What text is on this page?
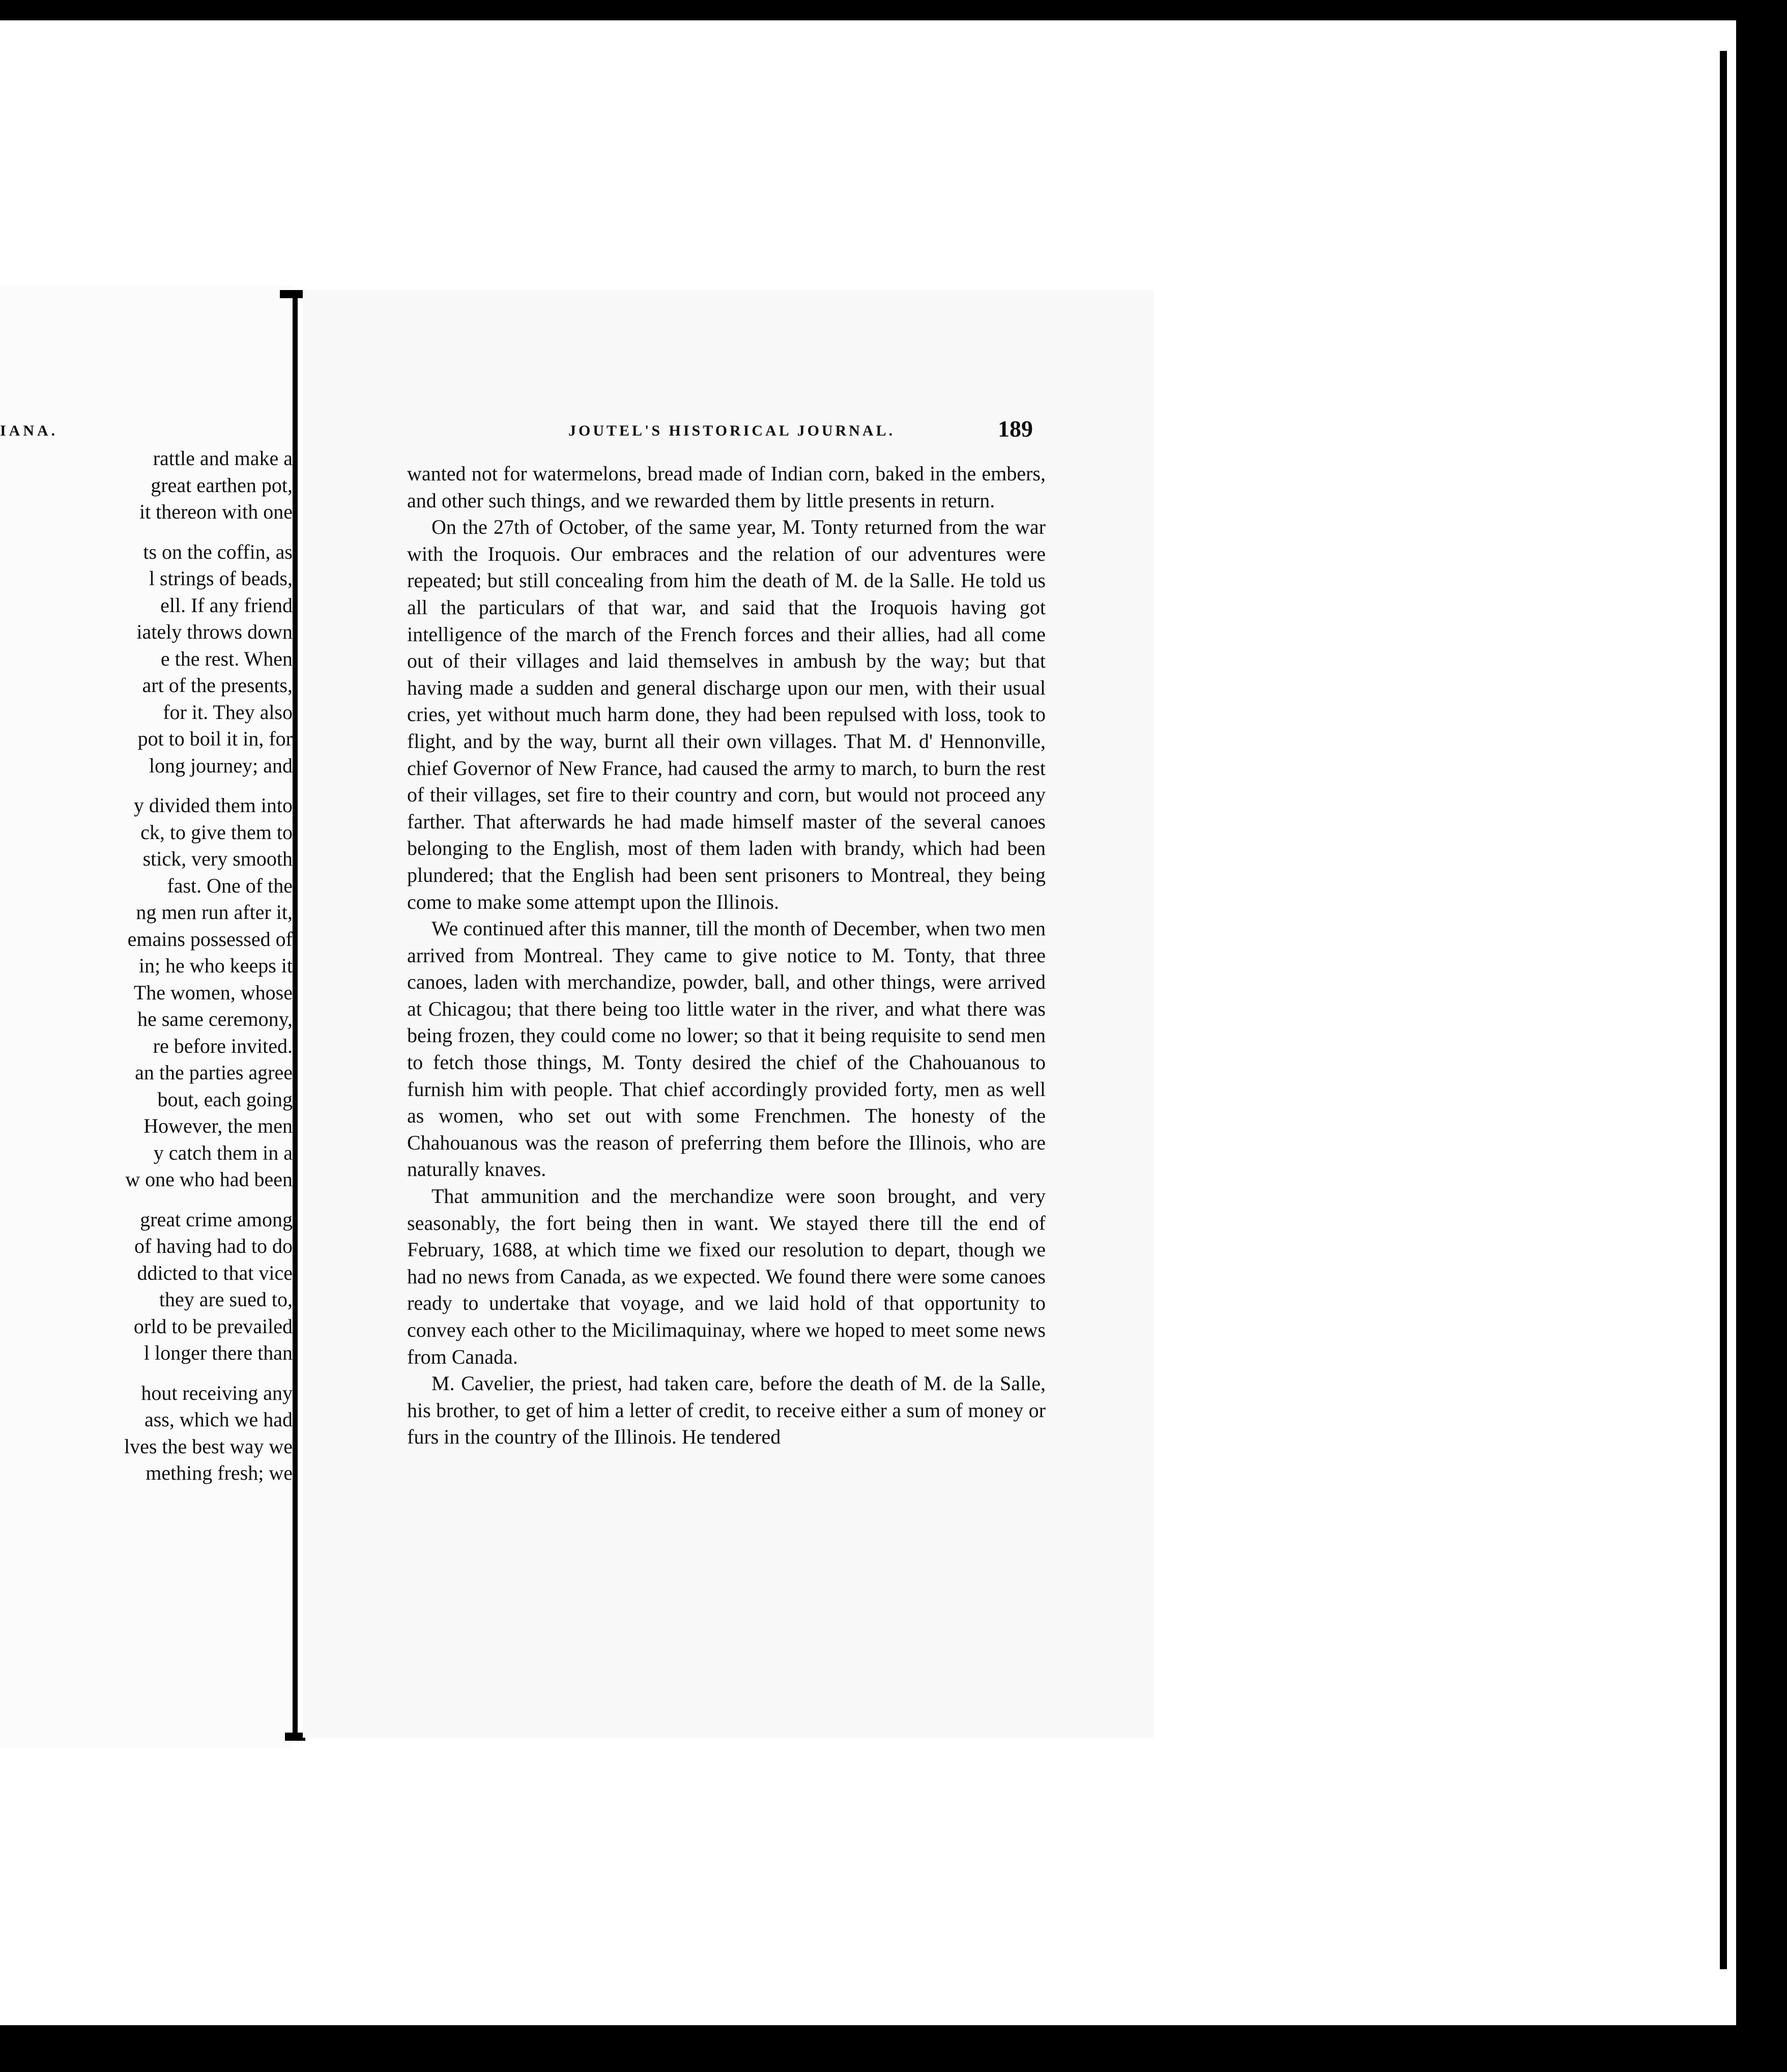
IANA.
rattle and make a
great earthen pot,
it thereon with one
ts on the coffin, as
l strings of beads,
ell. If any friend
iately throws down
e the rest. When
art of the presents,
for it. They also
pot to boil it in, for
long journey; and
y divided them into
ck, to give them to
stick, very smooth
fast. One of the
ng men run after it,
emains possessed of
in; he who keeps it
The women, whose
he same ceremony,
re before invited.
an the parties agree
bout, each going
However, the men
y catch them in a
w one who had been
great crime among
of having had to do
ddicted to that vice
they are sued to,
orld to be prevailed
l longer there than
hout receiving any
ass, which we had
lves the best way we
mething fresh; we
JOUTEL'S HISTORICAL JOURNAL.	189

wanted not for watermelons, bread made of Indian corn, baked in the embers, and other such things, and we rewarded them by little presents in return.

On the 27th of October, of the same year, M. Tonty returned from the war with the Iroquois. Our embraces and the relation of our adventures were repeated; but still concealing from him the death of M. de la Salle. He told us all the particulars of that war, and said that the Iroquois having got intelligence of the march of the French forces and their allies, had all come out of their villages and laid themselves in ambush by the way; but that having made a sudden and general discharge upon our men, with their usual cries, yet without much harm done, they had been repulsed with loss, took to flight, and by the way, burnt all their own villages. That M. d' Hennonville, chief Governor of New France, had caused the army to march, to burn the rest of their villages, set fire to their country and corn, but would not proceed any farther. That afterwards he had made himself master of the several canoes belonging to the English, most of them laden with brandy, which had been plundered; that the English had been sent prisoners to Montreal, they being come to make some attempt upon the Illinois.

We continued after this manner, till the month of December, when two men arrived from Montreal. They came to give notice to M. Tonty, that three canoes, laden with merchandize, powder, ball, and other things, were arrived at Chicagou; that there being too little water in the river, and what there was being frozen, they could come no lower; so that it being requisite to send men to fetch those things, M. Tonty desired the chief of the Chahouanous to furnish him with people. That chief accordingly provided forty, men as well as women, who set out with some Frenchmen. The honesty of the Chahouanous was the reason of preferring them before the Illinois, who are naturally knaves.

That ammunition and the merchandize were soon brought, and very seasonably, the fort being then in want. We stayed there till the end of February, 1688, at which time we fixed our resolution to depart, though we had no news from Canada, as we expected. We found there were some canoes ready to undertake that voyage, and we laid hold of that opportunity to convey each other to the Micilimaquinay, where we hoped to meet some news from Canada.

M. Cavelier, the priest, had taken care, before the death of M. de la Salle, his brother, to get of him a letter of credit, to receive either a sum of money or furs in the country of the Illinois. He tendered
